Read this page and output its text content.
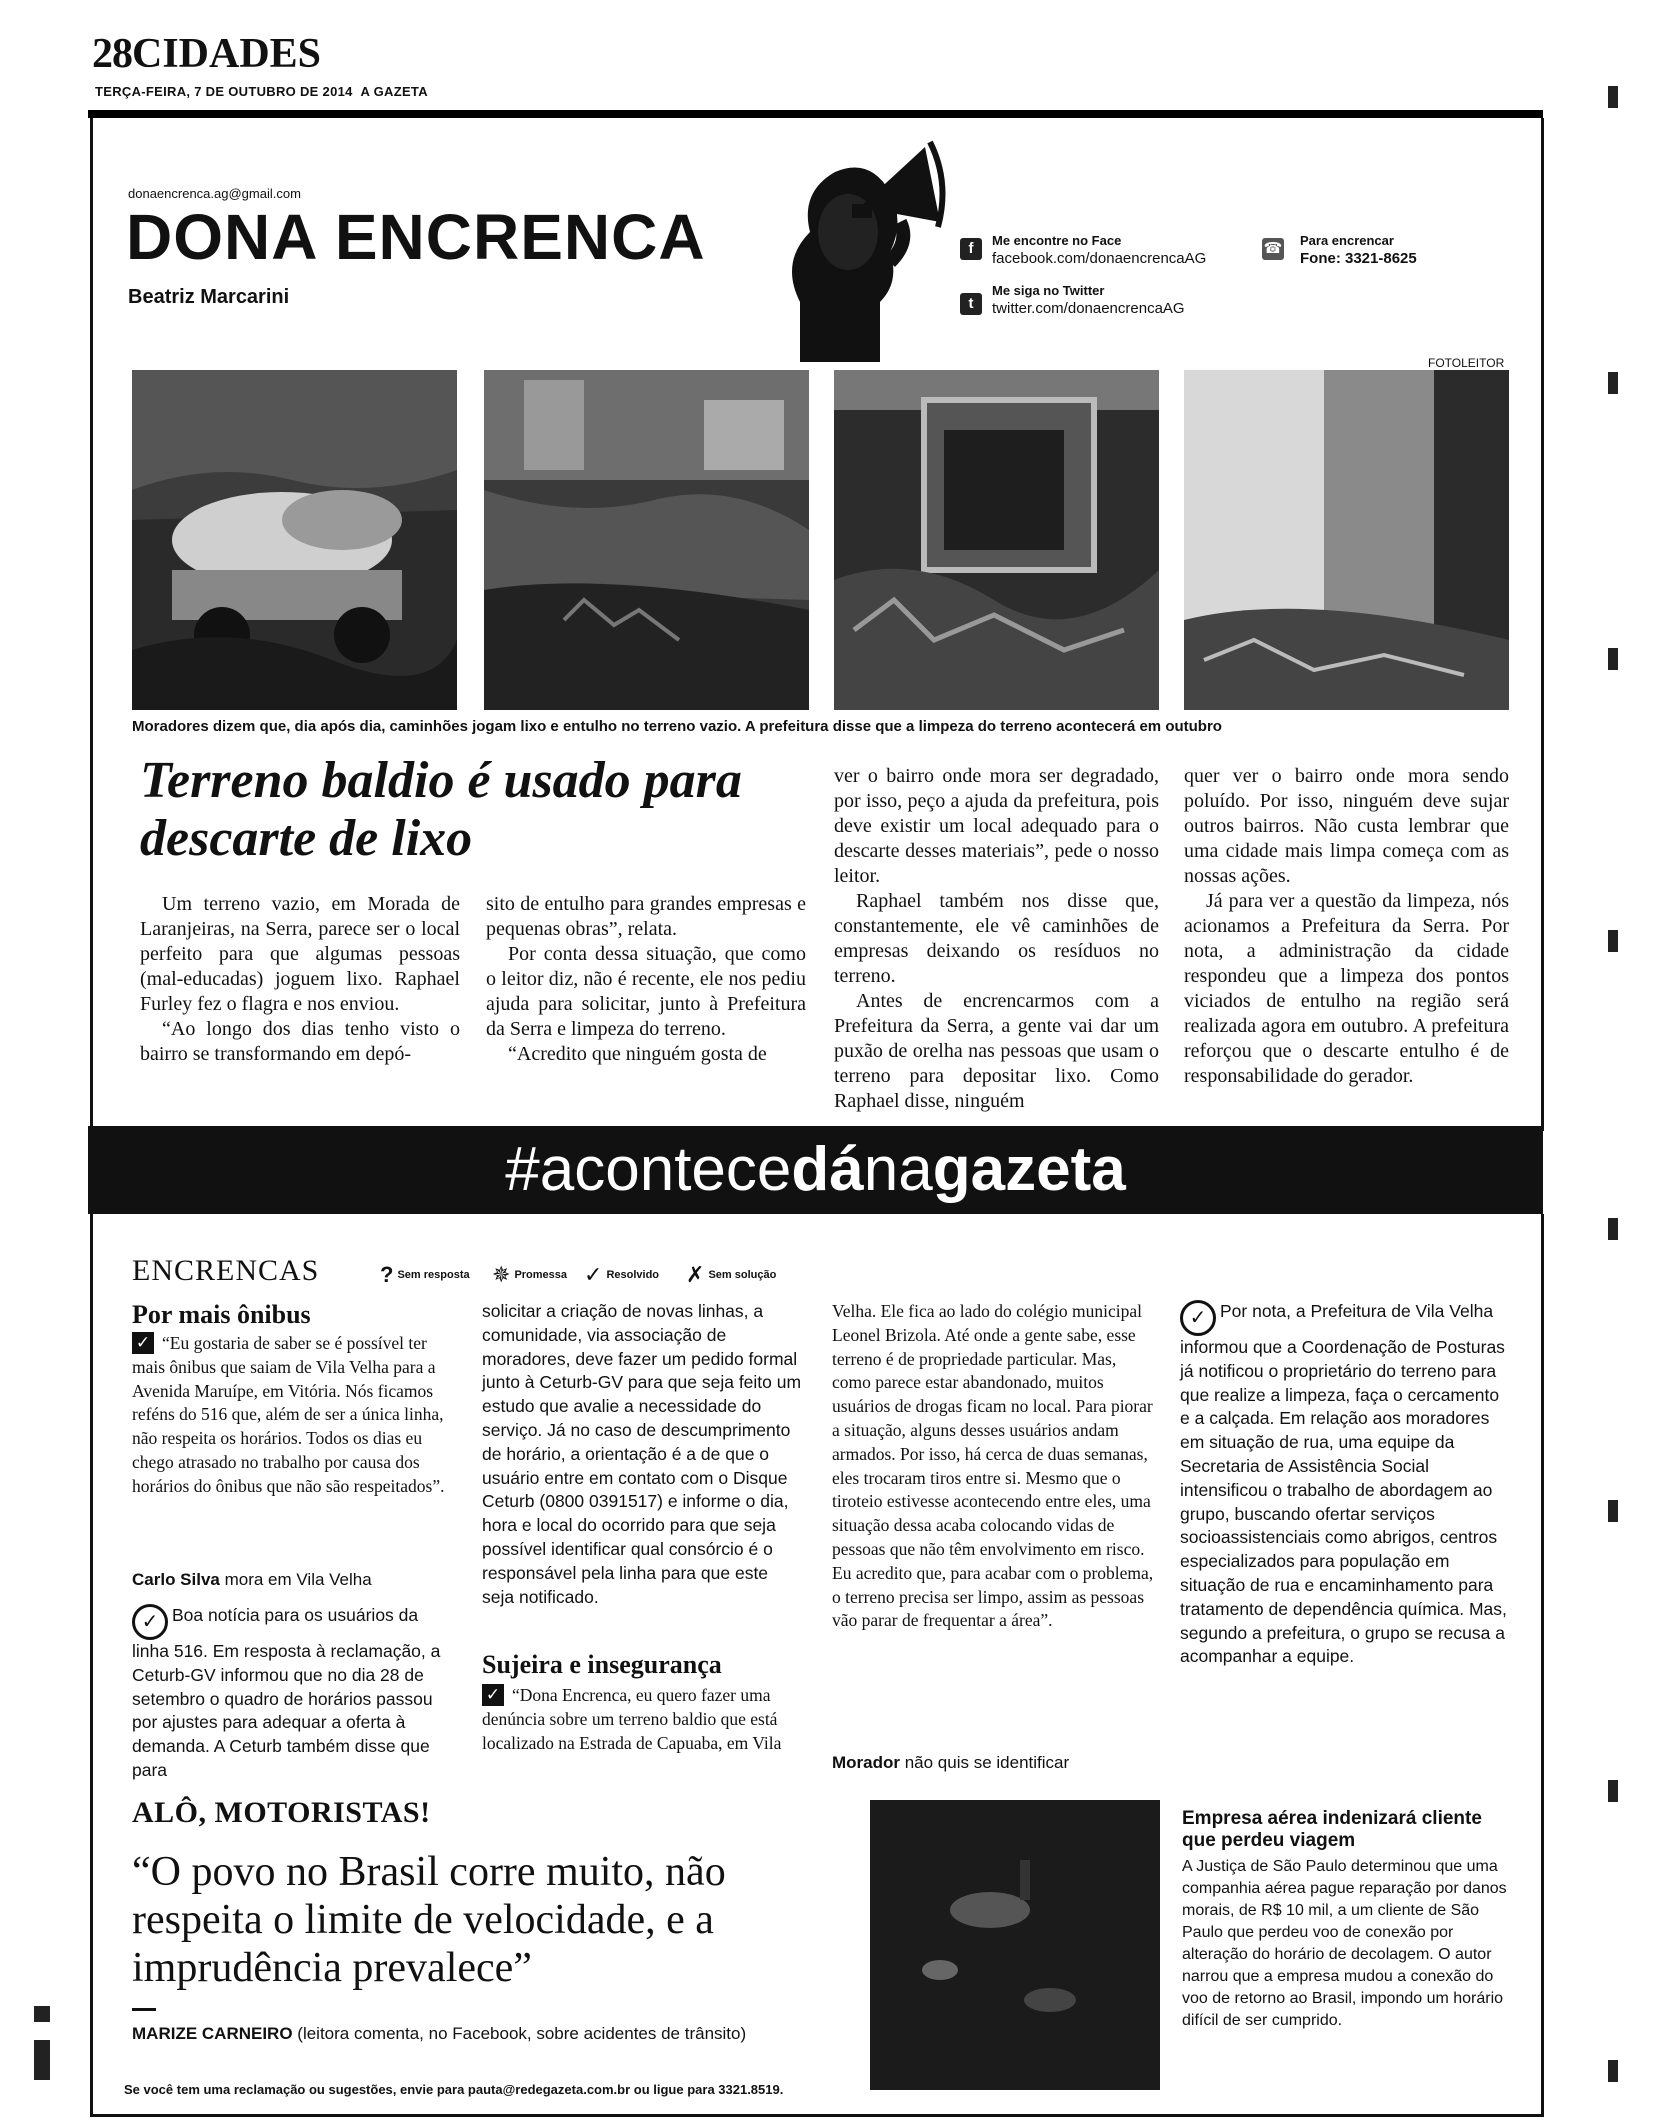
28 CIDADES
TERÇA-FEIRA, 7 DE OUTUBRO DE 2014 A GAZETA
donaencrenca.ag@gmail.com
DONA ENCRENCA
Beatriz Marcarini
f	Me encontre no Face
facebook.com/donaencrencaAG
t
Me siga no Twitter
twitter.com/donaencrencaAG
☎ Para encrencar
Fone: 3321-8625
FOTOLEITOR
Moradores dizem que, dia após dia, caminhões jogam lixo e entulho no terreno vazio. A prefeitura disse que a limpeza do terreno acontecerá em outubro
Terreno baldio é usado para descarte de lixo

Um terreno vazio, em Morada de Laranjeiras, na Serra, parece ser o local perfeito para que algumas pessoas (mal-educadas) joguem lixo. Raphael Furley fez o flagra e nos enviou.

“Ao longo dos dias tenho visto o bairro se transformando em depó-

sito de entulho para grandes empresas e pequenas obras”, relata.

Por conta dessa situação, que como o leitor diz, não é recente, ele nos pediu ajuda para solicitar, junto à Prefeitura da Serra e limpeza do terreno.

“Acredito que ninguém gosta de

ver o bairro onde mora ser degradado, por isso, peço a ajuda da prefeitura, pois deve existir um local adequado para o descarte desses materiais”, pede o nosso leitor.

Raphael também nos disse que, constantemente, ele vê caminhões de empresas deixando os resíduos no terreno.

Antes de encrencarmos com a Prefeitura da Serra, a gente vai dar um puxão de orelha nas pessoas que usam o terreno para depositar lixo. Como Raphael disse, ninguém

quer ver o bairro onde mora sendo poluído. Por isso, ninguém deve sujar outros bairros. Não custa lembrar que uma cidade mais limpa começa com as nossas ações.

Já para ver a questão da limpeza, nós acionamos a Prefeitura da Serra. Por nota, a administração da cidade respondeu que a limpeza dos pontos viciados de entulho na região será realizada agora em outubro. A prefeitura reforçou que o descarte entulho é de responsabilidade do gerador.

#acontecedánagazeta
ENCRENCAS	? Sem resposta ✵ Promessa ✓ Resolvido ✗ Sem solução
Por mais ônibus

✓ “Eu gostaria de saber se é possível ter mais ônibus que saiam de Vila Velha para a Avenida Maruípe, em Vitória. Nós ficamos reféns do 516 que, além de ser a única linha, não respeita os horários. Todos os dias eu chego atrasado no trabalho por causa dos horários do ônibus que não são respeitados”.

Carlo Silva mora em Vila Velha

✓ Boa notícia para os usuários da linha 516. Em resposta à reclamação, a Ceturb-GV informou que no dia 28 de setembro o quadro de horários passou por ajustes para adequar a oferta à demanda. A Ceturb também disse que para

solicitar a criação de novas linhas, a comunidade, via associação de moradores, deve fazer um pedido formal junto à Ceturb-GV para que seja feito um estudo que avalie a necessidade do serviço. Já no caso de descumprimento de horário, a orientação é a de que o usuário entre em contato com o Disque Ceturb (0800 0391517) e informe o dia, hora e local do ocorrido para que seja possível identificar qual consórcio é o responsável pela linha para que este seja notificado.

Sujeira e insegurança

✓ “Dona Encrenca, eu quero fazer uma denúncia sobre um terreno baldio que está localizado na Estrada de Capuaba, em Vila

Velha. Ele fica ao lado do colégio municipal Leonel Brizola. Até onde a gente sabe, esse terreno é de propriedade particular. Mas, como parece estar abandonado, muitos usuários de drogas ficam no local. Para piorar a situação, alguns desses usuários andam armados. Por isso, há cerca de duas semanas, eles trocaram tiros entre si. Mesmo que o tiroteio estivesse acontecendo entre eles, uma situação dessa acaba colocando vidas de pessoas que não têm envolvimento em risco. Eu acredito que, para acabar com o problema, o terreno precisa ser limpo, assim as pessoas vão parar de frequentar a área”.

Morador não quis se identificar

✓ Por nota, a Prefeitura de Vila Velha informou que a Coordenação de Posturas já notificou o proprietário do terreno para que realize a limpeza, faça o cercamento e a calçada. Em relação aos moradores em situação de rua, uma equipe da Secretaria de Assistência Social intensificou o trabalho de abordagem ao grupo, buscando ofertar serviços socioassistenciais como abrigos, centros especializados para população em situação de rua e encaminhamento para tratamento de dependência química. Mas, segundo a prefeitura, o grupo se recusa a acompanhar a equipe.

ALÔ, MOTORISTAS!
“O povo no Brasil corre muito, não respeita o limite de velocidade, e a imprudência prevalece”
MARIZE CARNEIRO (leitora comenta, no Facebook, sobre acidentes de trânsito)
Empresa aérea indenizará cliente que perdeu viagem
A Justiça de São Paulo determinou que uma companhia aérea pague reparação por danos morais, de R$ 10 mil, a um cliente de São Paulo que perdeu voo de conexão por alteração do horário de decolagem. O autor narrou que a empresa mudou a conexão do voo de retorno ao Brasil, impondo um horário difícil de ser cumprido.
Se você tem uma reclamação ou sugestões, envie para pauta@redegazeta.com.br ou ligue para 3321.8519.
